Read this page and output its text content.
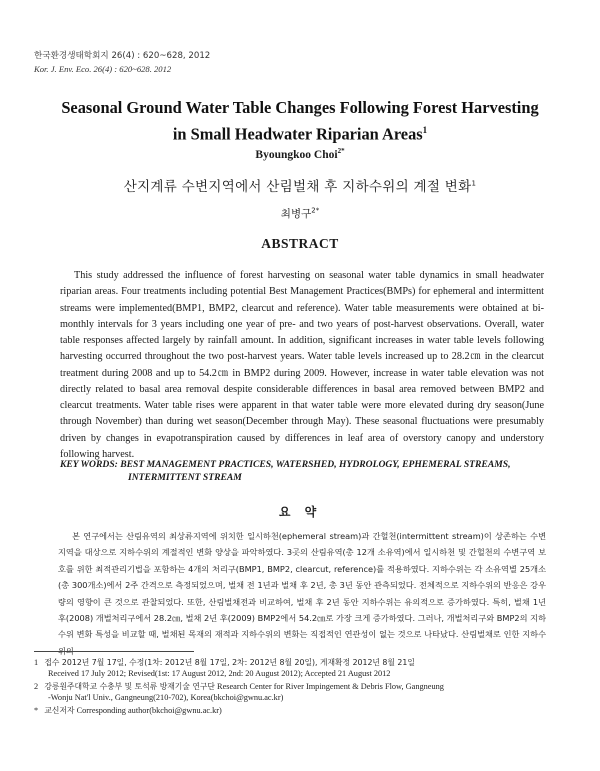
한국환경생태학회지 26(4) : 620~628, 2012
Kor. J. Env. Eco. 26(4) : 620~628. 2012
Seasonal Ground Water Table Changes Following Forest Harvesting
in Small Headwater Riparian Areas$^1$
Byoungkoo Choi$^{2*}$
산지계류 수변지역에서 산림벌채 후 지하수위의 계절 변화$^1$
최병구$^{2*}$
ABSTRACT

This study addressed the influence of forest harvesting on seasonal water table dynamics in small headwater riparian areas. Four treatments including potential Best Management Practices(BMPs) for ephemeral and intermittent streams were implemented(BMP1, BMP2, clearcut and reference). Water table measurements were obtained at bi-monthly intervals for 3 years including one year of pre- and two years of post-harvest observations. Overall, water table responses affected largely by rainfall amount. In addition, significant increases in water table levels following harvesting occurred throughout the two post-harvest years. Water table levels increased up to 28.2㎝ in the clearcut treatment during 2008 and up to 54.2㎝ in BMP2 during 2009. However, increase in water table elevation was not directly related to basal area removal despite considerable differences in basal area removed between BMP2 and clearcut treatments. Water table rises were apparent in that water table were more elevated during dry season(June through November) than during wet season(December through May). These seasonal fluctuations were presumably driven by changes in evapotranspiration caused by differences in leaf area of overstory canopy and understory following harvest.

KEY WORDS: BEST MANAGEMENT PRACTICES, WATERSHED, HYDROLOGY, EPHEMERAL STREAMS, INTERMITTENT STREAM
요 약

본 연구에서는 산림유역의 최상류지역에 위치한 일시하천(ephemeral stream)과 간헐천(intermittent stream)이 상존하는 수변지역을 대상으로 지하수위의 계절적인 변화 양상을 파악하였다. 3곳의 산림유역(총 12개 소유역)에서 일시하천 및 간헐천의 수변구역 보호를 위한 최적관리기법을 포함하는 4개의 처리구(BMP1, BMP2, clearcut, reference)를 적용하였다. 지하수위는 각 소유역별 25개소(총 300개소)에서 2주 간격으로 측정되었으며, 벌채 전 1년과 벌채 후 2년, 총 3년 동안 관측되었다. 전체적으로 지하수위의 반응은 강우량의 영향이 큰 것으로 관찰되었다. 또한, 산림벌채전과 비교하여, 벌채 후 2년 동안 지하수위는 유의적으로 증가하였다. 특히, 벌채 1년 후(2008) 개벌처리구에서 28.2㎝, 벌채 2년 후(2009) BMP2에서 54.2㎝로 가장 크게 증가하였다. 그러나, 개벌처리구와 BMP2의 지하수위 변화 특성을 비교할 때, 벌채된 목재의 재적과 지하수위의 변화는 직접적인 연관성이 없는 것으로 나타났다. 산림벌채로 인한 지하수위의

1 접수 2012년 7월 17일, 수정(1차: 2012년 8월 17일, 2차: 2012년 8월 20일), 게재확정 2012년 8월 21일
Received 17 July 2012; Revised(1st: 17 August 2012, 2nd: 20 August 2012); Accepted 21 August 2012
2 강릉원주대학교 수충부 및 토석류 방재기술 연구단 Research Center for River Impingement & Debris Flow, Gangneung
-Wonju Nat'l Univ., Gangneung(210-702), Korea(bkchoi@gwnu.ac.kr)
* 교신저자 Corresponding author(bkchoi@gwnu.ac.kr)
